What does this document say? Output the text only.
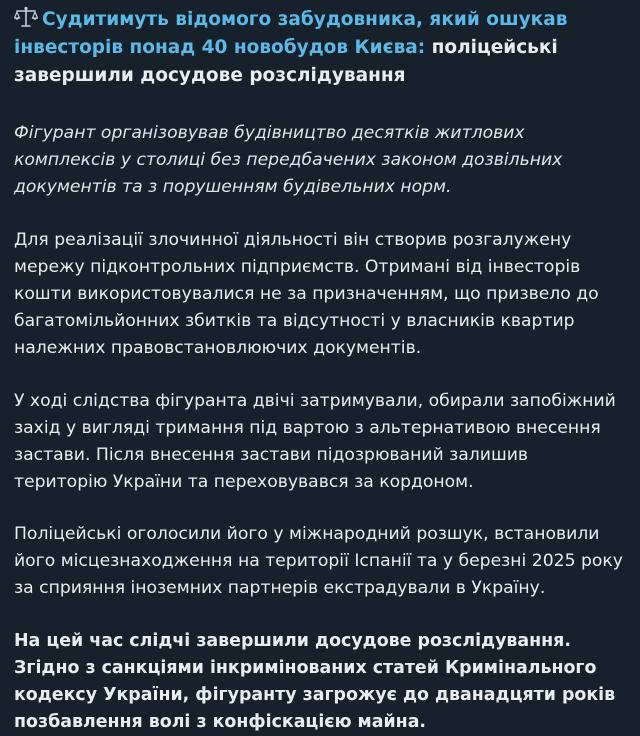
Судитимуть відомого забудовника, який ошукав інвесторів понад 40 новобудов Києва: поліцейські завершили досудове розслідування

Фігурант організовував будівництво десятків житлових комплексів у столиці без передбачених законом дозвільних документів та з порушенням будівельних норм.

Для реалізації злочинної діяльності він створив розгалужену мережу підконтрольних підприємств. Отримані від інвесторів кошти використовувалися не за призначенням, що призвело до багатомільйонних збитків та відсутності у власників квартир належних правовстановлюючих документів.

У ході слідства фігуранта двічі затримували, обирали запобіжний захід у вигляді тримання під вартою з альтернативою внесення застави. Після внесення застави підозрюваний залишив територію України та переховувався за кордоном.

Поліцейські оголосили його у міжнародний розшук, встановили його місцезнаходження на території Іспанії та у березні 2025 року за сприяння іноземних партнерів екстрадували в Україну.

На цей час слідчі завершили досудове розслідування. Згідно з санкціями інкримінованих статей Кримінального кодексу України, фігуранту загрожує до дванадцяти років позбавлення волі з конфіскацією майна.
